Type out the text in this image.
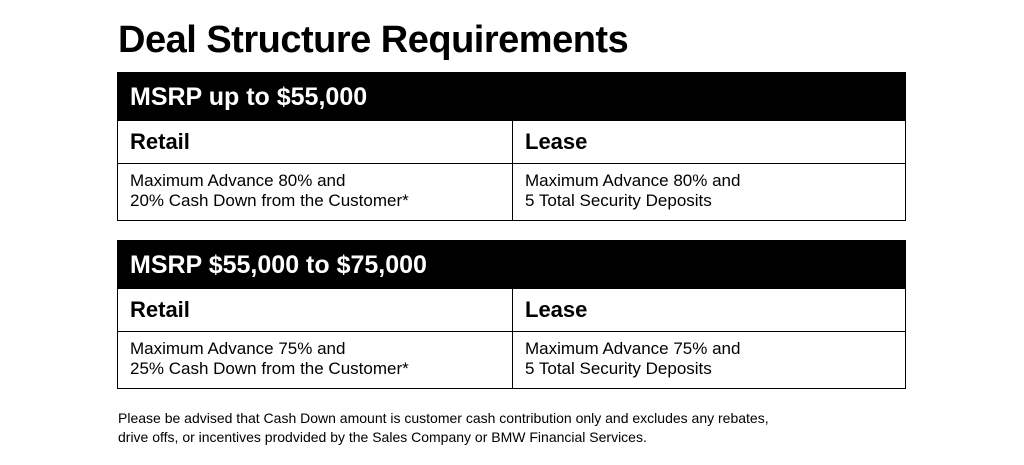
Deal Structure Requirements
MSRP up to $55,000
Retail	Lease
Maximum Advance 80% and
20% Cash Down from the Customer*
Maximum Advance 80% and
5 Total Security Deposits
MSRP $55,000 to $75,000
Retail	Lease
Maximum Advance 75% and
25% Cash Down from the Customer*
Maximum Advance 75% and
5 Total Security Deposits
Please be advised that Cash Down amount is customer cash contribution only and excludes any rebates,
drive offs, or incentives prodvided by the Sales Company or BMW Financial Services.
